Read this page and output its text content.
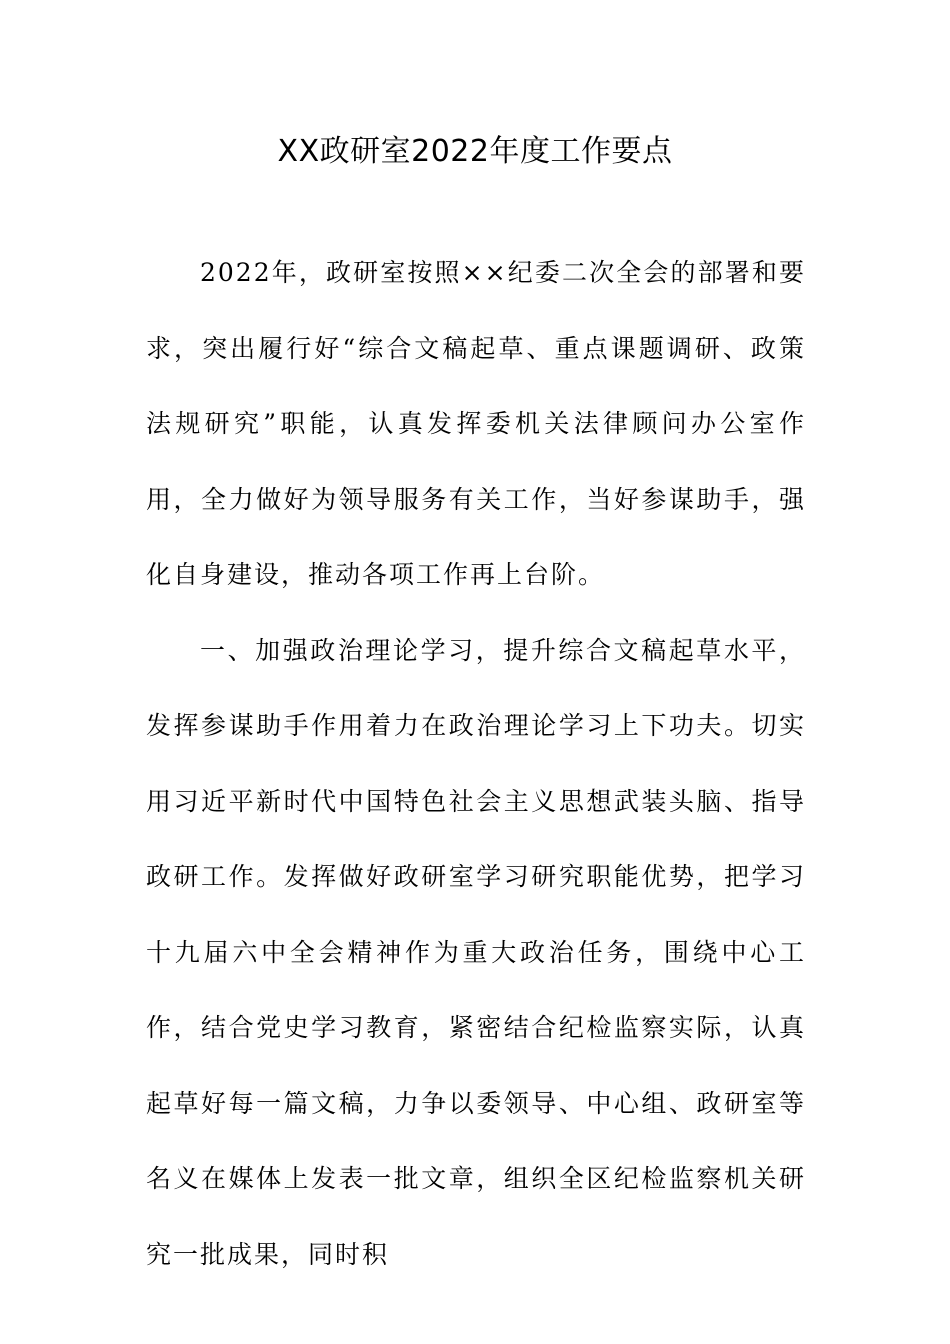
XX政研室2022年度工作要点

2022年，政研室按照××纪委二次全会的部署和要求，突出履行好“综合文稿起草、重点课题调研、政策法规研究”职能，认真发挥委机关法律顾问办公室作用，全力做好为领导服务有关工作，当好参谋助手，强化自身建设，推动各项工作再上台阶。

一、加强政治理论学习，提升综合文稿起草水平，发挥参谋助手作用着力在政治理论学习上下功夫。切实用习近平新时代中国特色社会主义思想武装头脑、指导政研工作。发挥做好政研室学习研究职能优势，把学习十九届六中全会精神作为重大政治任务，围绕中心工作，结合党史学习教育，紧密结合纪检监察实际，认真起草好每一篇文稿，力争以委领导、中心组、政研室等名义在媒体上发表一批文章，组织全区纪检监察机关研究一批成果，同时积
